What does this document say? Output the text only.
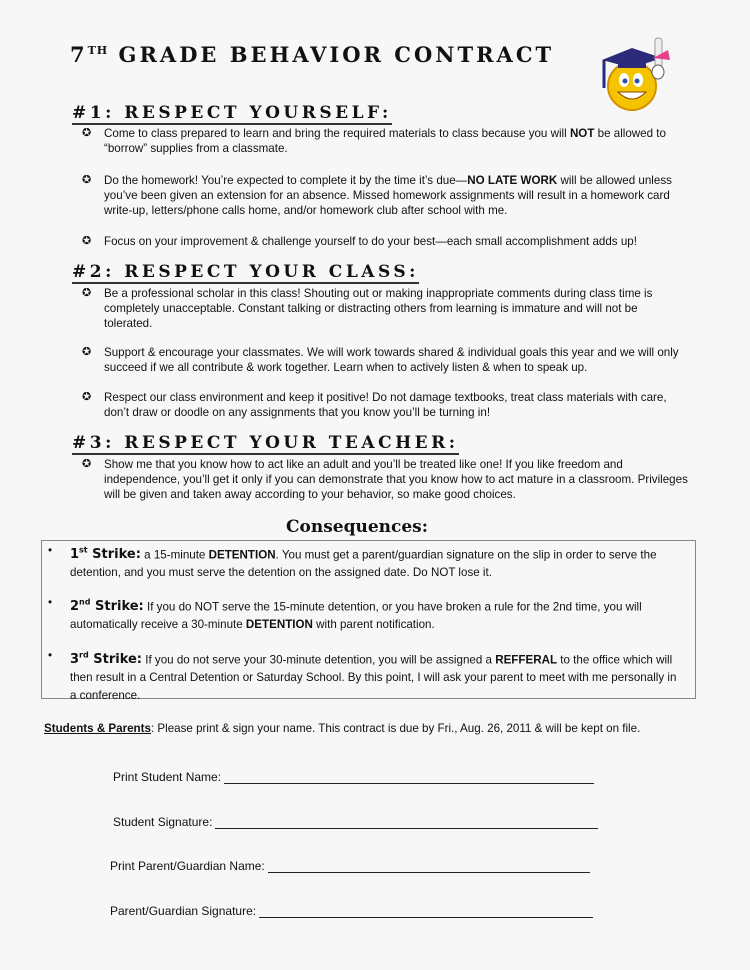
7TH GRADE BEHAVIOR CONTRACT
#1: RESPECT YOURSELF:
✪ Come to class prepared to learn and bring the required materials to class because you will NOT be allowed to “borrow” supplies from a classmate.
✪ Do the homework! You’re expected to complete it by the time it’s due—NO LATE WORK will be allowed unless you’ve been given an extension for an absence. Missed homework assignments will result in a homework card write-up, letters/phone calls home, and/or homework club after school with me.
✪ Focus on your improvement & challenge yourself to do your best—each small accomplishment adds up!
#2: RESPECT YOUR CLASS:
✪ Be a professional scholar in this class! Shouting out or making inappropriate comments during class time is completely unacceptable. Constant talking or distracting others from learning is immature and will not be tolerated.
✪ Support & encourage your classmates. We will work towards shared & individual goals this year and we will only succeed if we all contribute & work together. Learn when to actively listen & when to speak up.
✪ Respect our class environment and keep it positive! Do not damage textbooks, treat class materials with care, don’t draw or doodle on any assignments that you know you’ll be turning in!
#3: RESPECT YOUR TEACHER:
✪ Show me that you know how to act like an adult and you’ll be treated like one! If you like freedom and independence, you’ll get it only if you can demonstrate that you know how to act mature in a classroom. Privileges will be given and taken away according to your behavior, so make good choices.
Consequences:
• 1st Strike: a 15-minute DETENTION. You must get a parent/guardian signature on the slip in order to serve the detention, and you must serve the detention on the assigned date. Do NOT lose it.
• 2nd Strike: If you do NOT serve the 15-minute detention, or you have broken a rule for the 2nd time, you will automatically receive a 30-minute DETENTION with parent notification.
• 3rd Strike: If you do not serve your 30-minute detention, you will be assigned a REFFERAL to the office which will then result in a Central Detention or Saturday School. By this point, I will ask your parent to meet with me personally in a conference.
Students & Parents: Please print & sign your name. This contract is due by Fri., Aug. 26, 2011 & will be kept on file.
Print Student Name:
Student Signature:
Print Parent/Guardian Name:
Parent/Guardian Signature:
